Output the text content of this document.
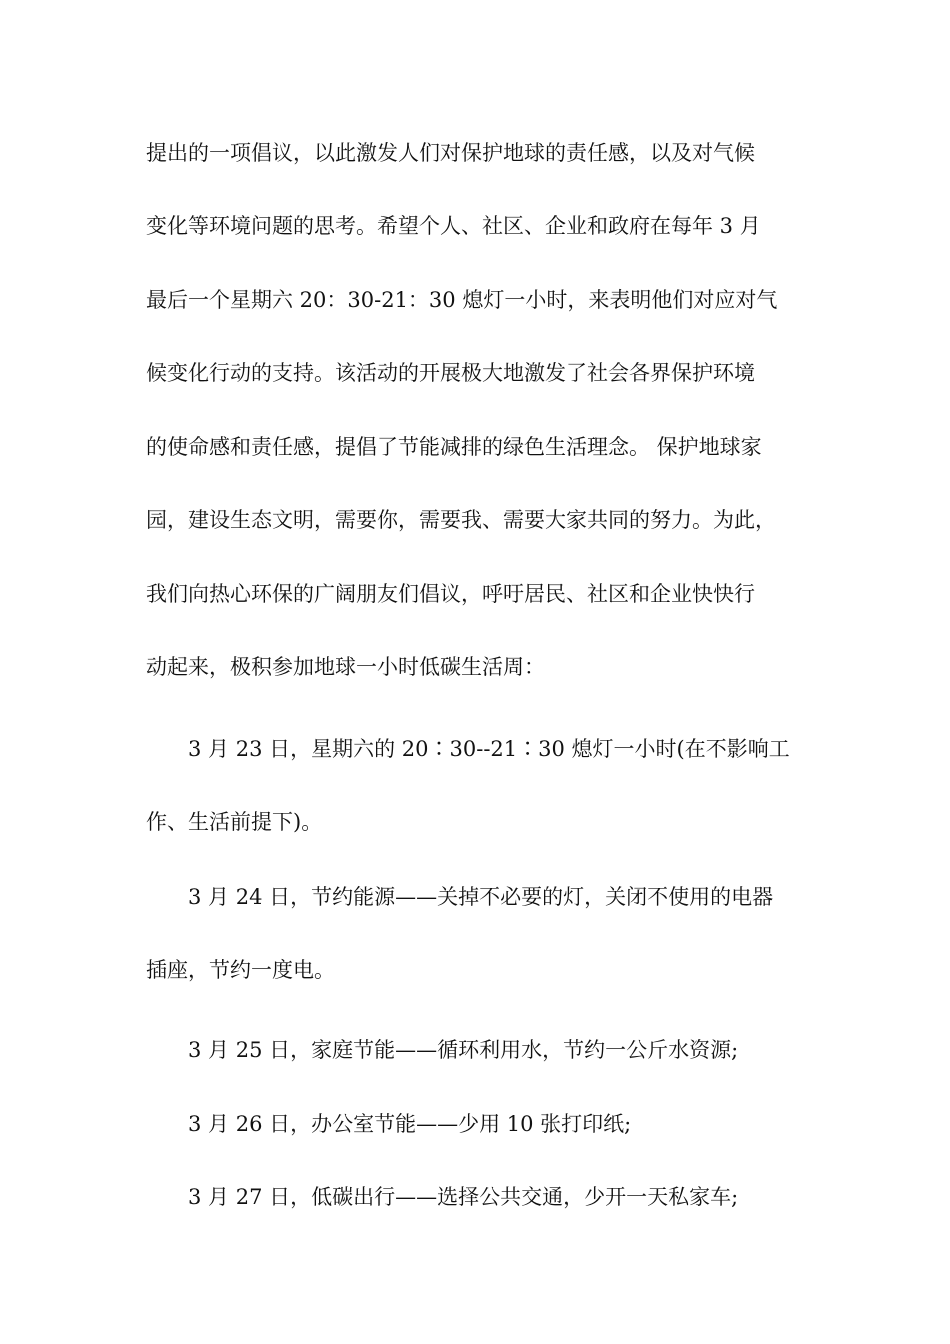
提出的一项倡议，以此激发人们对保护地球的责任感，以及对气候
变化等环境问题的思考。希望个人、社区、企业和政府在每年 3 月
最后一个星期六 20：30-21：30 熄灯一小时，来表明他们对应对气
候变化行动的支持。该活动的开展极大地激发了社会各界保护环境
的使命感和责任感，提倡了节能减排的绿色生活理念。 保护地球家
园，建设生态文明，需要你，需要我、需要大家共同的努力。为此，
我们向热心环保的广阔朋友们倡议，呼吁居民、社区和企业快快行
动起来，极积参加地球一小时低碳生活周：
3 月 23 日，星期六的 20∶30--21∶30 熄灯一小时(在不影响工
作、生活前提下)。
3 月 24 日，节约能源——关掉不必要的灯，关闭不使用的电器
插座，节约一度电。
3 月 25 日，家庭节能——循环利用水，节约一公斤水资源;
3 月 26 日，办公室节能——少用 10 张打印纸;
3 月 27 日，低碳出行——选择公共交通，少开一天私家车;
